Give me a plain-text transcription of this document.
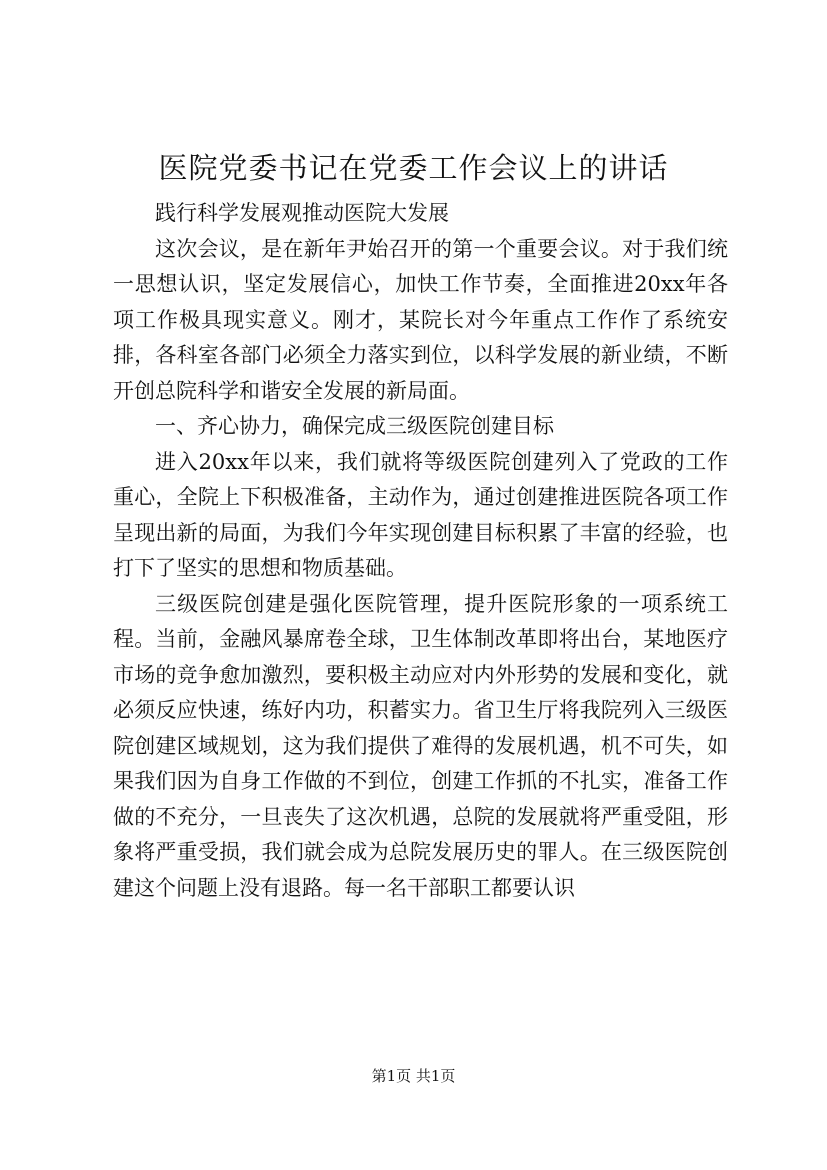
医院党委书记在党委工作会议上的讲话

践行科学发展观推动医院大发展

这次会议，是在新年尹始召开的第一个重要会议。对于我们统一思想认识，坚定发展信心，加快工作节奏，全面推进20xx年各项工作极具现实意义。刚才，某院长对今年重点工作作了系统安排，各科室各部门必须全力落实到位，以科学发展的新业绩，不断开创总院科学和谐安全发展的新局面。

一、齐心协力，确保完成三级医院创建目标

进入20xx年以来，我们就将等级医院创建列入了党政的工作重心，全院上下积极准备，主动作为，通过创建推进医院各项工作呈现出新的局面，为我们今年实现创建目标积累了丰富的经验，也打下了坚实的思想和物质基础。

三级医院创建是强化医院管理，提升医院形象的一项系统工程。当前，金融风暴席卷全球，卫生体制改革即将出台，某地医疗市场的竞争愈加激烈，要积极主动应对内外形势的发展和变化，就必须反应快速，练好内功，积蓄实力。省卫生厅将我院列入三级医院创建区域规划，这为我们提供了难得的发展机遇，机不可失，如果我们因为自身工作做的不到位，创建工作抓的不扎实，准备工作做的不充分，一旦丧失了这次机遇，总院的发展就将严重受阻，形象将严重受损，我们就会成为总院发展历史的罪人。在三级医院创建这个问题上没有退路。每一名干部职工都要认识

第1页 共1页
